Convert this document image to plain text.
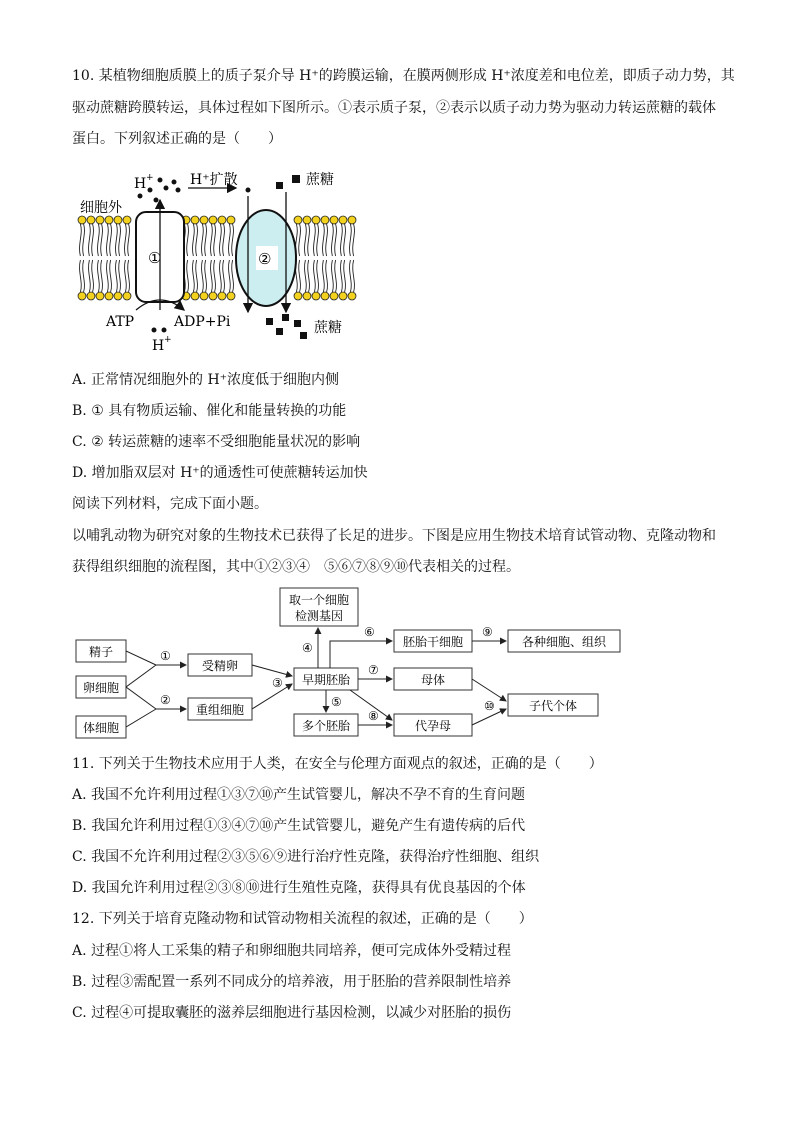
10. 某植物细胞质膜上的质子泵介导 H⁺的跨膜运输，在膜两侧形成 H⁺浓度差和电位差，即质子动力势，其
驱动蔗糖跨膜转运，具体过程如下图所示。①表示质子泵，②表示以质子动力势为驱动力转运蔗糖的载体
蛋白。下列叙述正确的是（　　）
①	②
细胞外
H +	H⁺扩散	蔗糖
蔗糖
ATP	ADP+Pi
H +
A. 正常情况细胞外的 H⁺浓度低于细胞内侧
B. ① 具有物质运输、催化和能量转换的功能
C. ② 转运蔗糖的速率不受细胞能量状况的影响
D. 增加脂双层对 H⁺的通透性可使蔗糖转运加快
阅读下列材料，完成下面小题。
以哺乳动物为研究对象的生物技术已获得了长足的进步。下图是应用生物技术培育试管动物、克隆动物和
获得组织细胞的流程图，其中①②③④　⑤⑥⑦⑧⑨⑩代表相关的过程。
精子
卵细胞
体细胞
受精卵
重组细胞
早期胚胎
取一个细胞
检测基因
胚胎干细胞	各种细胞、组织
母体
多个胚胎	代孕母
子代个体
①
②
③
④
⑤
⑥
⑦
⑧
⑨
⑩
11. 下列关于生物技术应用于人类，在安全与伦理方面观点的叙述，正确的是（　　）
A. 我国不允许利用过程①③⑦⑩产生试管婴儿，解决不孕不育的生育问题
B. 我国允许利用过程①③④⑦⑩产生试管婴儿，避免产生有遗传病的后代
C. 我国不允许利用过程②③⑤⑥⑨进行治疗性克隆，获得治疗性细胞、组织
D. 我国允许利用过程②③⑧⑩进行生殖性克隆，获得具有优良基因的个体
12. 下列关于培育克隆动物和试管动物相关流程的叙述，正确的是（　　）
A. 过程①将人工采集的精子和卵细胞共同培养，便可完成体外受精过程
B. 过程③需配置一系列不同成分的培养液，用于胚胎的营养限制性培养
C. 过程④可提取囊胚的滋养层细胞进行基因检测，以减少对胚胎的损伤
